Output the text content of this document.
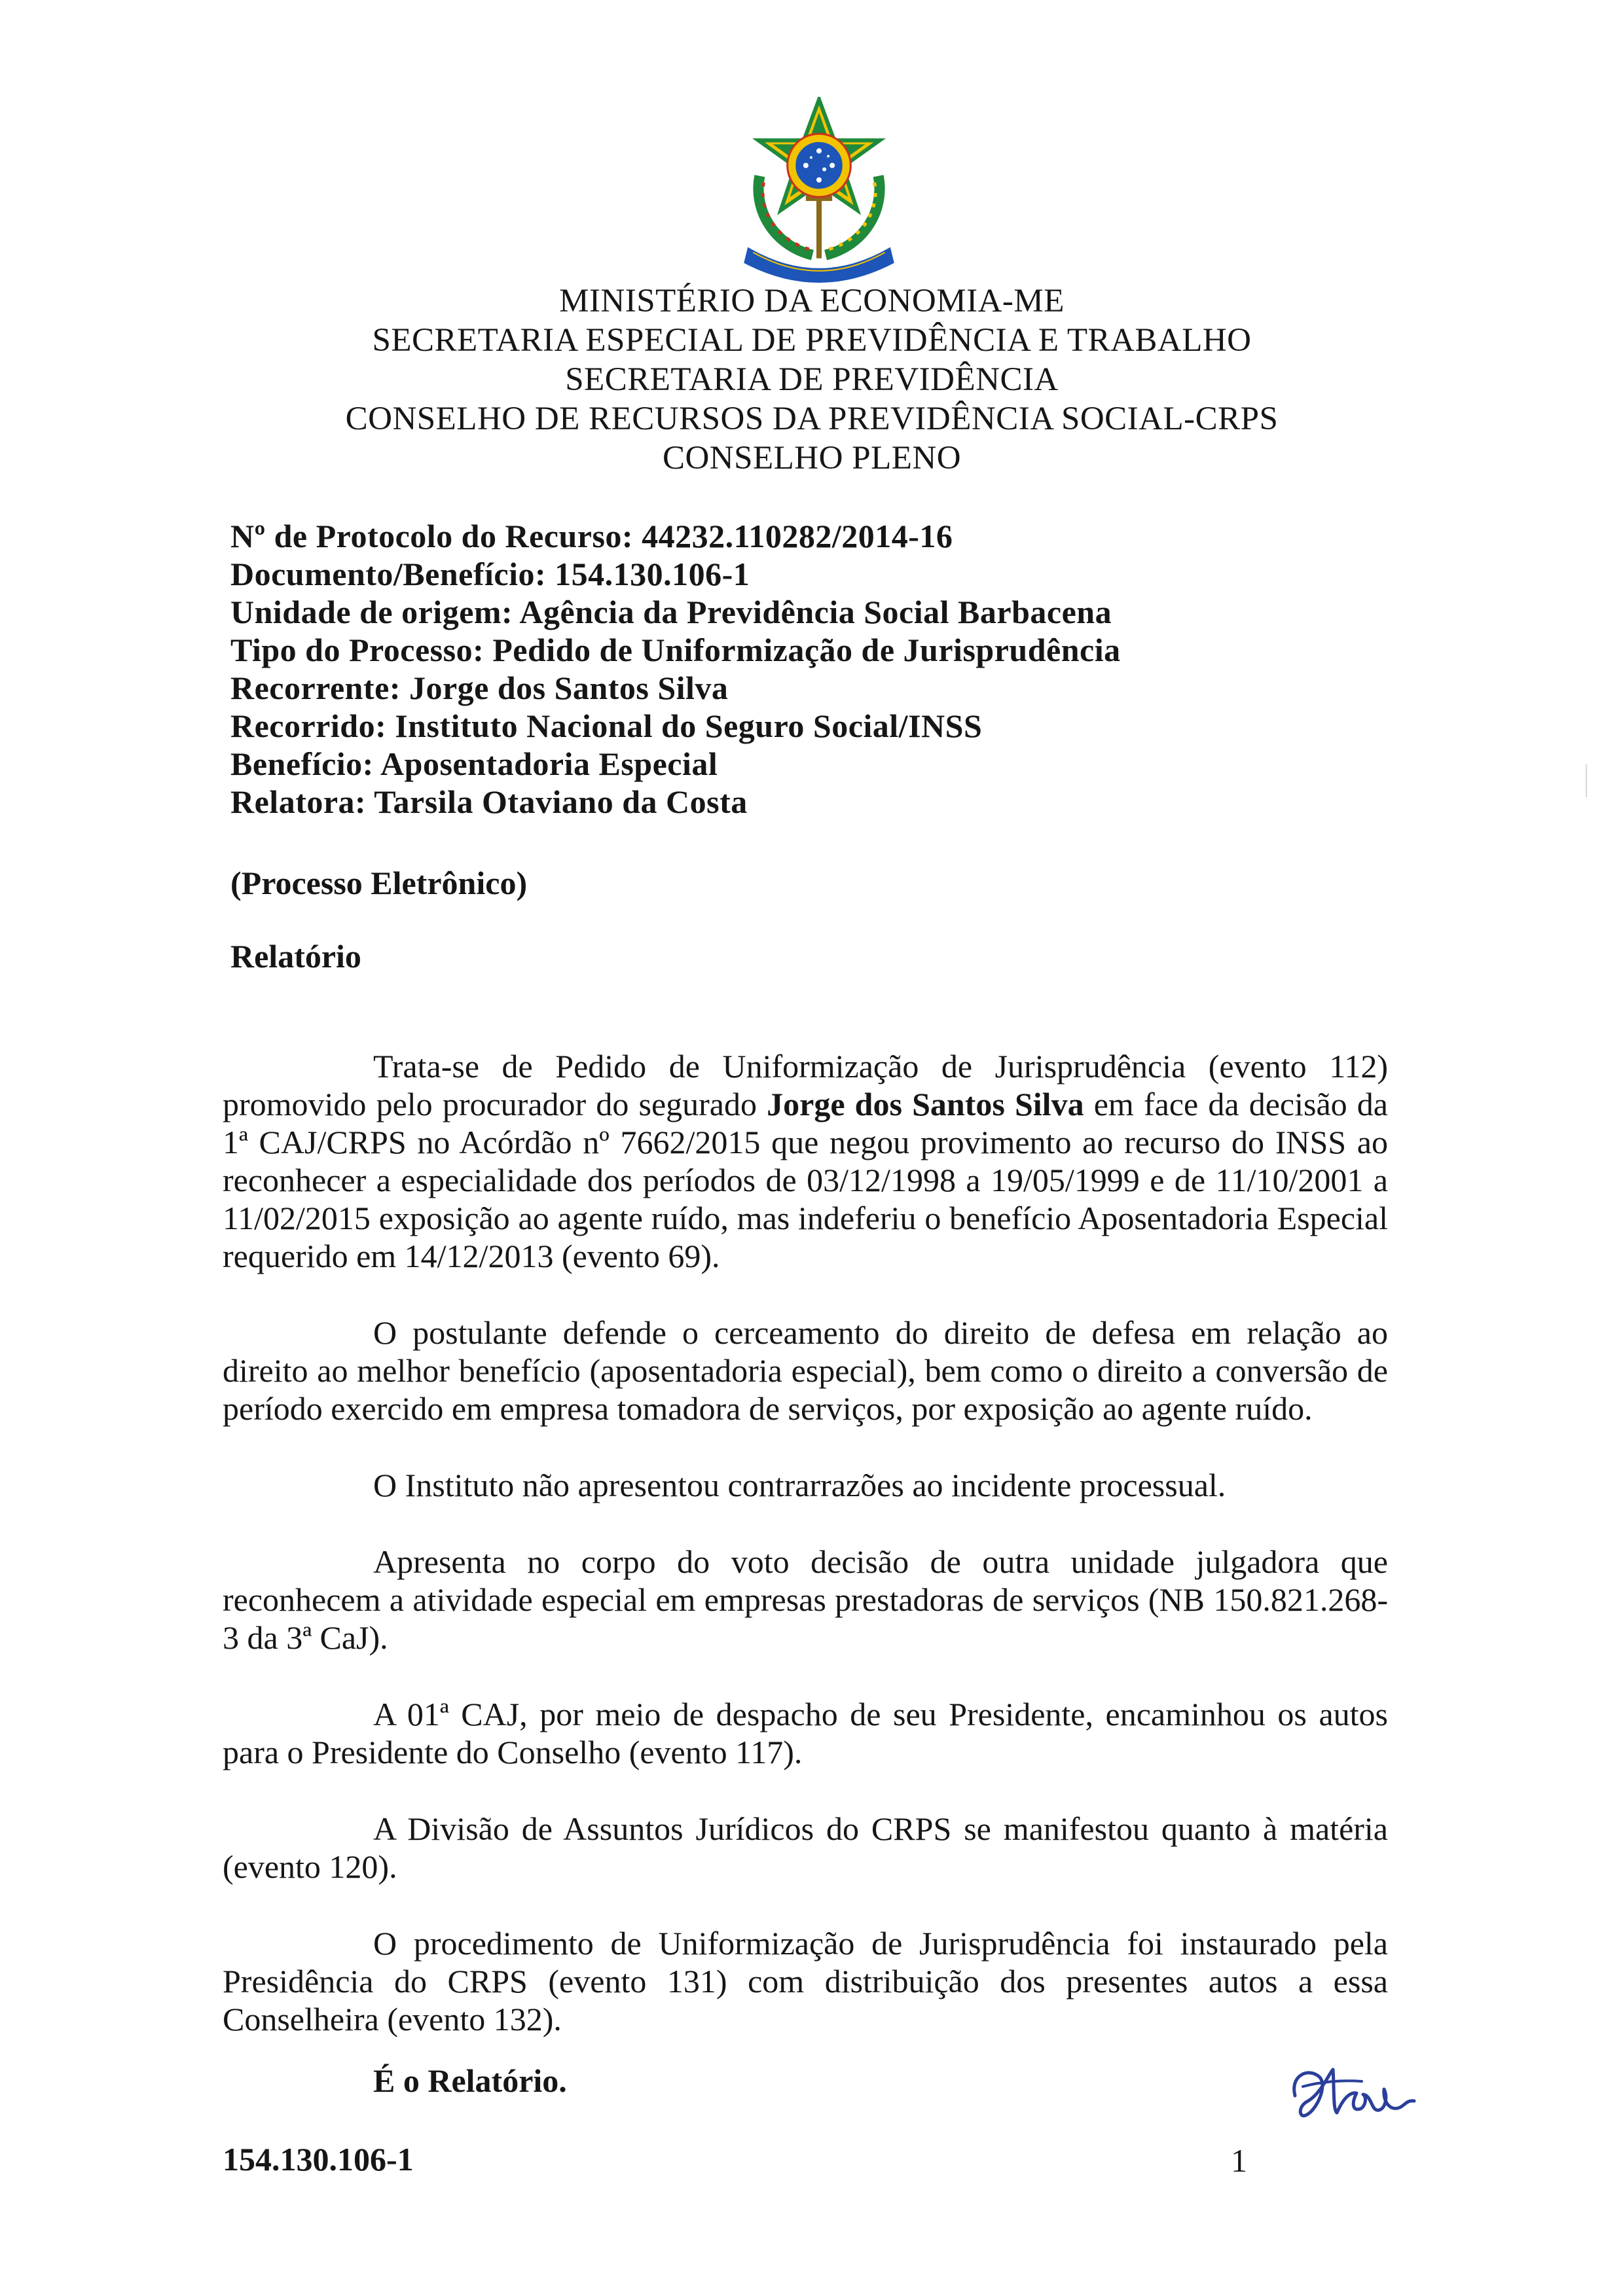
MINISTÉRIO DA ECONOMIA-ME
SECRETARIA ESPECIAL DE PREVIDÊNCIA E TRABALHO
SECRETARIA DE PREVIDÊNCIA
CONSELHO DE RECURSOS DA PREVIDÊNCIA SOCIAL-CRPS
CONSELHO PLENO
Nº de Protocolo do Recurso: 44232.110282/2014-16
Documento/Benefício: 154.130.106-1
Unidade de origem: Agência da Previdência Social Barbacena
Tipo do Processo: Pedido de Uniformização de Jurisprudência
Recorrente: Jorge dos Santos Silva
Recorrido: Instituto Nacional do Seguro Social/INSS
Benefício: Aposentadoria Especial
Relatora: Tarsila Otaviano da Costa
(Processo Eletrônico)
Relatório

Trata-se de Pedido de Uniformização de Jurisprudência (evento 112) promovido pelo procurador do segurado Jorge dos Santos Silva em face da decisão da 1ª CAJ/CRPS no Acórdão nº 7662/2015 que negou provimento ao recurso do INSS ao reconhecer a especialidade dos períodos de 03/12/1998 a 19/05/1999 e de 11/10/2001 a 11/02/2015 exposição ao agente ruído, mas indeferiu o benefício Aposentadoria Especial requerido em 14/12/2013 (evento 69).

O postulante defende o cerceamento do direito de defesa em relação ao direito ao melhor benefício (aposentadoria especial), bem como o direito a conversão de período exercido em empresa tomadora de serviços, por exposição ao agente ruído.

O Instituto não apresentou contrarrazões ao incidente processual.

Apresenta no corpo do voto decisão de outra unidade julgadora que reconhecem a atividade especial em empresas prestadoras de serviços (NB 150.821.268-3 da 3ª CaJ).

A 01ª CAJ, por meio de despacho de seu Presidente, encaminhou os autos para o Presidente do Conselho (evento 117).

A Divisão de Assuntos Jurídicos do CRPS se manifestou quanto à matéria (evento 120).

O procedimento de Uniformização de Jurisprudência foi instaurado pela Presidência do CRPS (evento 131) com distribuição dos presentes autos a essa Conselheira (evento 132).

É o Relatório.
154.130.106-1	1
